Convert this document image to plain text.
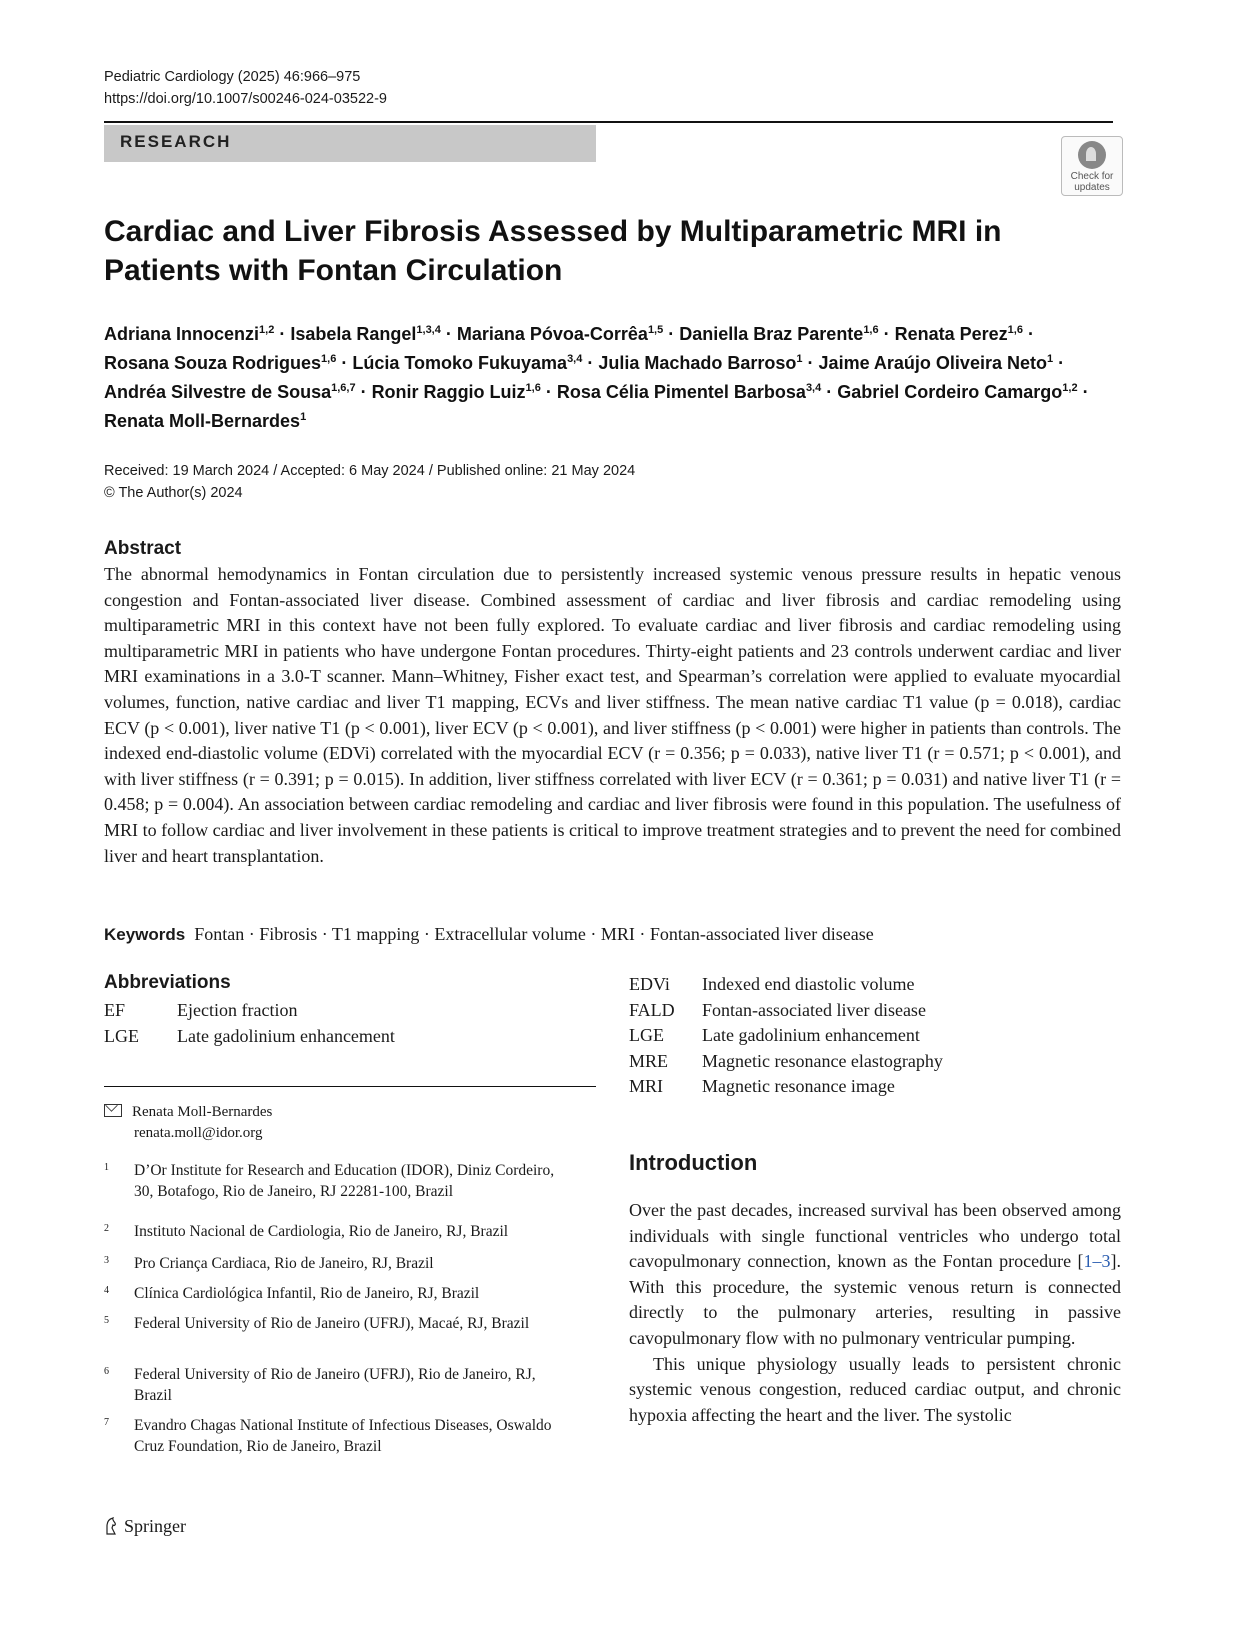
Pediatric Cardiology (2025) 46:966–975
https://doi.org/10.1007/s00246-024-03522-9
RESEARCH
Check for
updates
Cardiac and Liver Fibrosis Assessed by Multiparametric MRI in Patients with Fontan Circulation
Adriana Innocenzi$^{1,2}$ · Isabela Rangel$^{1,3,4}$ · Mariana Póvoa-Corrêa$^{1,5}$ · Daniella Braz Parente$^{1,6}$ · Renata Perez$^{1,6}$ ·
Rosana Souza Rodrigues$^{1,6}$ · Lúcia Tomoko Fukuyama$^{3,4}$ · Julia Machado Barroso$^1$ · Jaime Araújo Oliveira Neto$^1$ ·
Andréa Silvestre de Sousa$^{1,6,7}$ · Ronir Raggio Luiz$^{1,6}$ · Rosa Célia Pimentel Barbosa$^{3,4}$ · Gabriel Cordeiro Camargo$^{1,2}$ ·
Renata Moll-Bernardes$^1$
Received: 19 March 2024 / Accepted: 6 May 2024 / Published online: 21 May 2024
© The Author(s) 2024
Abstract
The abnormal hemodynamics in Fontan circulation due to persistently increased systemic venous pressure results in hepatic venous congestion and Fontan-associated liver disease. Combined assessment of cardiac and liver fibrosis and cardiac remodeling using multiparametric MRI in this context have not been fully explored. To evaluate cardiac and liver fibrosis and cardiac remodeling using multiparametric MRI in patients who have undergone Fontan procedures. Thirty-eight patients and 23 controls underwent cardiac and liver MRI examinations in a 3.0-T scanner. Mann–Whitney, Fisher exact test, and Spearman’s correlation were applied to evaluate myocardial volumes, function, native cardiac and liver T1 mapping, ECVs and liver stiffness. The mean native cardiac T1 value (p = 0.018), cardiac ECV (p < 0.001), liver native T1 (p < 0.001), liver ECV (p < 0.001), and liver stiffness (p < 0.001) were higher in patients than controls. The indexed end-diastolic volume (EDVi) correlated with the myocardial ECV (r = 0.356; p = 0.033), native liver T1 (r = 0.571; p < 0.001), and with liver stiffness (r = 0.391; p = 0.015). In addition, liver stiffness correlated with liver ECV (r = 0.361; p = 0.031) and native liver T1 (r = 0.458; p = 0.004). An association between cardiac remodeling and cardiac and liver fibrosis were found in this population. The usefulness of MRI to follow cardiac and liver involvement in these patients is critical to improve treatment strategies and to prevent the need for combined liver and heart transplantation.
Keywords Fontan · Fibrosis · T1 mapping · Extracellular volume · MRI · Fontan-associated liver disease
Abbreviations
EF	Ejection fraction
LGE Late gadolinium enhancement
EDVi Indexed end diastolic volume
FALD Fontan-associated liver disease
LGE Late gadolinium enhancement
MRE Magnetic resonance elastography
MRI Magnetic resonance image
Renata Moll-Bernardes
renata.moll@idor.org
1 D’Or Institute for Research and Education (IDOR), Diniz Cordeiro, 30, Botafogo, Rio de Janeiro, RJ 22281-100, Brazil
2 Instituto Nacional de Cardiologia, Rio de Janeiro, RJ, Brazil
3 Pro Criança Cardiaca, Rio de Janeiro, RJ, Brazil
4 Clínica Cardiológica Infantil, Rio de Janeiro, RJ, Brazil
5 Federal University of Rio de Janeiro (UFRJ), Macaé, RJ, Brazil
6 Federal University of Rio de Janeiro (UFRJ), Rio de Janeiro, RJ, Brazil
7 Evandro Chagas National Institute of Infectious Diseases, Oswaldo Cruz Foundation, Rio de Janeiro, Brazil
Introduction

Over the past decades, increased survival has been observed among individuals with single functional ventricles who undergo total cavopulmonary connection, known as the Fontan procedure [1–3]. With this procedure, the systemic venous return is connected directly to the pulmonary arteries, resulting in passive cavopulmonary flow with no pulmonary ventricular pumping.

This unique physiology usually leads to persistent chronic systemic venous congestion, reduced cardiac output, and chronic hypoxia affecting the heart and the liver. The systolic

Springer
